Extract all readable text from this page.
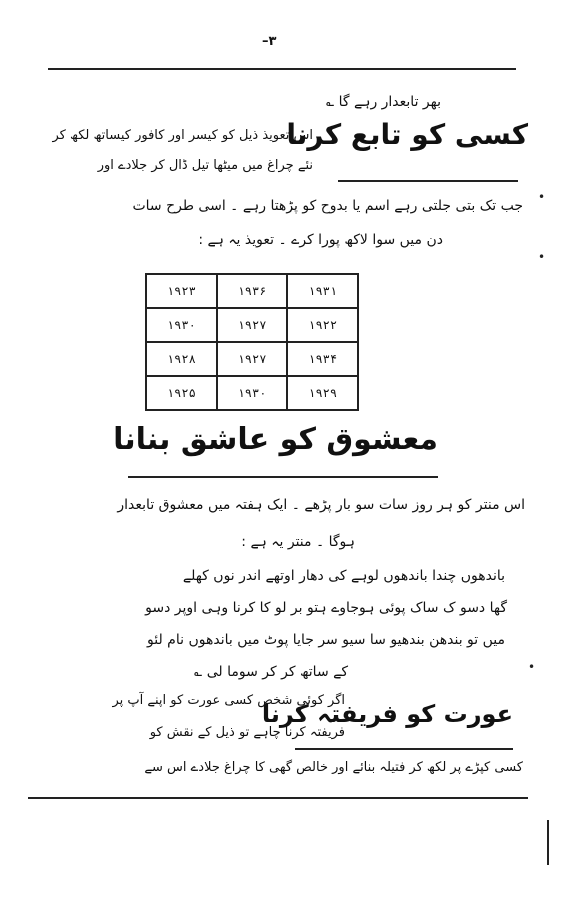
–۳
بھر تابعدار رہے گا ؎
کسی کو تابع کرنا
اس تعویذ ذیل کو کیسر اور کافور کیساتھ لکھ کر
نئے چراغ میں میٹھا تیل ڈال کر جلادے اور
جب تک بتی جلتی رہے اسم یا بدوح کو پڑھتا رہے ۔ اسی طرح سات
دن میں سوا لاکھ پورا کرے ۔ تعویذ یہ ہے :
•
•
۱۹۳۱	۱۹۳۶	۱۹۲۳
۱۹۲۲	۱۹۲۷	۱۹۳۰
۱۹۳۴	۱۹۲۷	۱۹۲۸
۱۹۲۹	۱۹۳۰	۱۹۲۵
معشوق کو عاشق بنانا
اس منتر کو ہر روز سات سو بار پڑھے ۔ ایک ہفتہ میں معشوق تابعدار
ہوگا ۔ منتر یہ ہے :
باندھوں چندا باندھوں لوہے کی دھار اوتھے اندر نوں کھلے
گھا دسو ک ساک پوئی ہوجاوے ہتو بر لو کا کرنا وہی اوپر دسو
میں تو بندھن بندھیو سا سیو سر جایا پوٹ میں باندھوں نام لئو
کے ساتھ کر کر سوما لی ؎	•
اگر کوئی شخص کسی عورت کو اپنے آپ پر
فریفتہ کرنا چاہے تو ذیل کے نقش کو
عورت کو فریفتہ کرنا
کسی کپڑے پر لکھ کر فتیلہ بنائے اور خالص گھی کا چراغ جلادے اس سے
